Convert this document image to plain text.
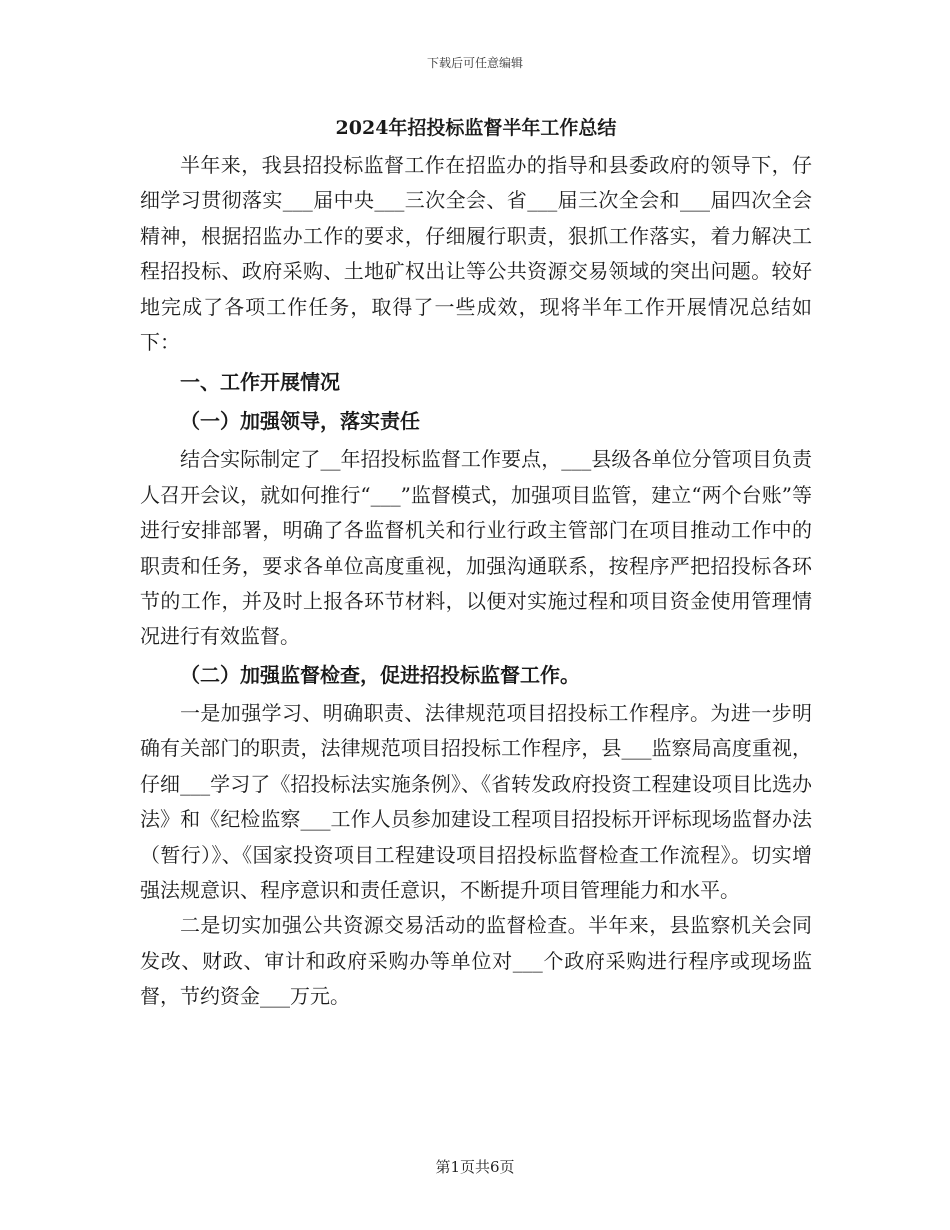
下载后可任意编辑
2024年招投标监督半年工作总结

半年来，我县招投标监督工作在招监办的指导和县委政府的领导下，仔细学习贯彻落实___届中央___三次全会、省___届三次全会和___届四次全会精神，根据招监办工作的要求，仔细履行职责，狠抓工作落实，着力解决工程招投标、政府采购、土地矿权出让等公共资源交易领域的突出问题。较好地完成了各项工作任务，取得了一些成效，现将半年工作开展情况总结如下：

一、工作开展情况
（一）加强领导，落实责任

结合实际制定了__年招投标监督工作要点，___县级各单位分管项目负责人召开会议，就如何推行“___”监督模式，加强项目监管，建立“两个台账”等进行安排部署，明确了各监督机关和行业行政主管部门在项目推动工作中的职责和任务，要求各单位高度重视，加强沟通联系，按程序严把招投标各环节的工作，并及时上报各环节材料，以便对实施过程和项目资金使用管理情况进行有效监督。

（二）加强监督检查，促进招投标监督工作。

一是加强学习、明确职责、法律规范项目招投标工作程序。为进一步明确有关部门的职责，法律规范项目招投标工作程序，县___监察局高度重视，仔细___学习了《招投标法实施条例》、《省转发政府投资工程建设项目比选办法》和《纪检监察___工作人员参加建设工程项目招投标开评标现场监督办法（暂行）》、《国家投资项目工程建设项目招投标监督检查工作流程》。切实增强法规意识、程序意识和责任意识，不断提升项目管理能力和水平。

二是切实加强公共资源交易活动的监督检查。半年来，县监察机关会同发改、财政、审计和政府采购办等单位对___个政府采购进行程序或现场监督，节约资金___万元。

第1页共6页
